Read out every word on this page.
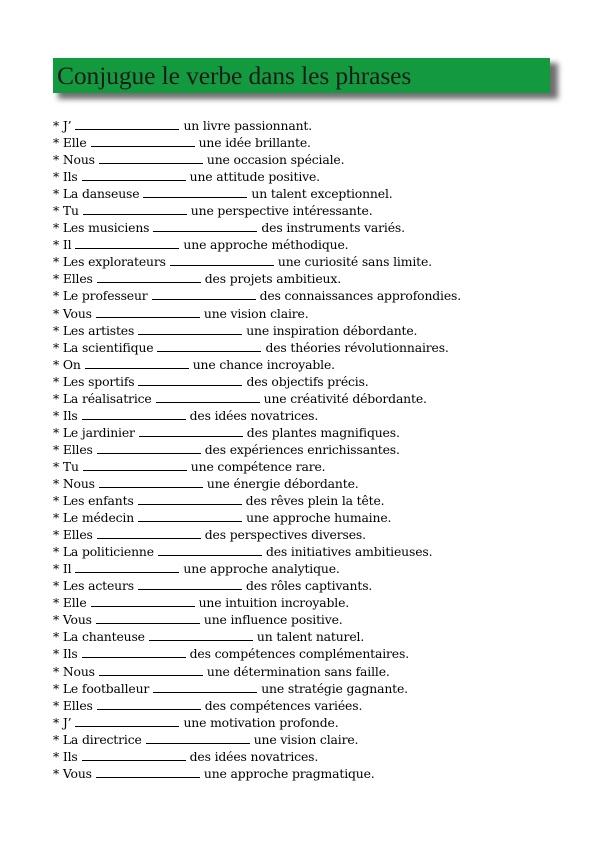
Conjugue le verbe dans les phrases
* J’	un livre passionnant.
* Elle	une idée brillante.
* Nous	une occasion spéciale.
* Ils	une attitude positive.
* La danseuse	un talent exceptionnel.
* Tu	une perspective intéressante.
* Les musiciens	des instruments variés.
* Il	une approche méthodique.
* Les explorateurs	une curiosité sans limite.
* Elles	des projets ambitieux.
* Le professeur	des connaissances approfondies.
* Vous	une vision claire.
* Les artistes	une inspiration débordante.
* La scientifique	des théories révolutionnaires.
* On	une chance incroyable.
* Les sportifs	des objectifs précis.
* La réalisatrice	une créativité débordante.
* Ils	des idées novatrices.
* Le jardinier	des plantes magnifiques.
* Elles	des expériences enrichissantes.
* Tu	une compétence rare.
* Nous	une énergie débordante.
* Les enfants	des rêves plein la tête.
* Le médecin	une approche humaine.
* Elles	des perspectives diverses.
* La politicienne	des initiatives ambitieuses.
* Il	une approche analytique.
* Les acteurs	des rôles captivants.
* Elle	une intuition incroyable.
* Vous	une influence positive.
* La chanteuse	un talent naturel.
* Ils	des compétences complémentaires.
* Nous	une détermination sans faille.
* Le footballeur	une stratégie gagnante.
* Elles	des compétences variées.
* J’	une motivation profonde.
* La directrice	une vision claire.
* Ils	des idées novatrices.
* Vous	une approche pragmatique.
